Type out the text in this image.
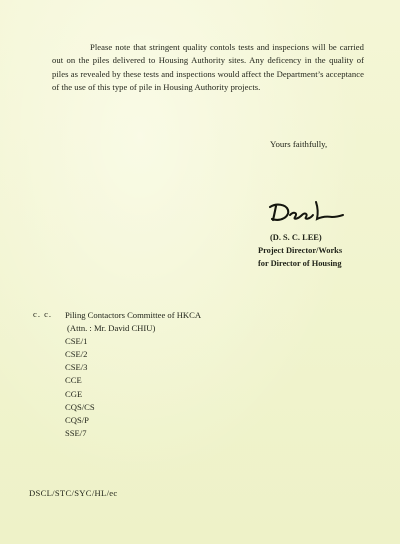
Please note that stringent quality contols tests and inspecions will be carried out on the piles delivered to Housing Authority sites. Any deficency in the quality of piles as revealed by these tests and inspections would affect the Department’s acceptance of the use of this type of pile in Housing Authority projects.

Yours faithfully,
(D. S. C. LEE)
Project Director/Works
for Director of Housing
c. c. Piling Contactors Committee of HKCA
(Attn. : Mr. David CHIU)
CSE/1
CSE/2
CSE/3
CCE
CGE
CQS/CS
CQS/P
SSE/7
DSCL/STC/SYC/HL/ec
